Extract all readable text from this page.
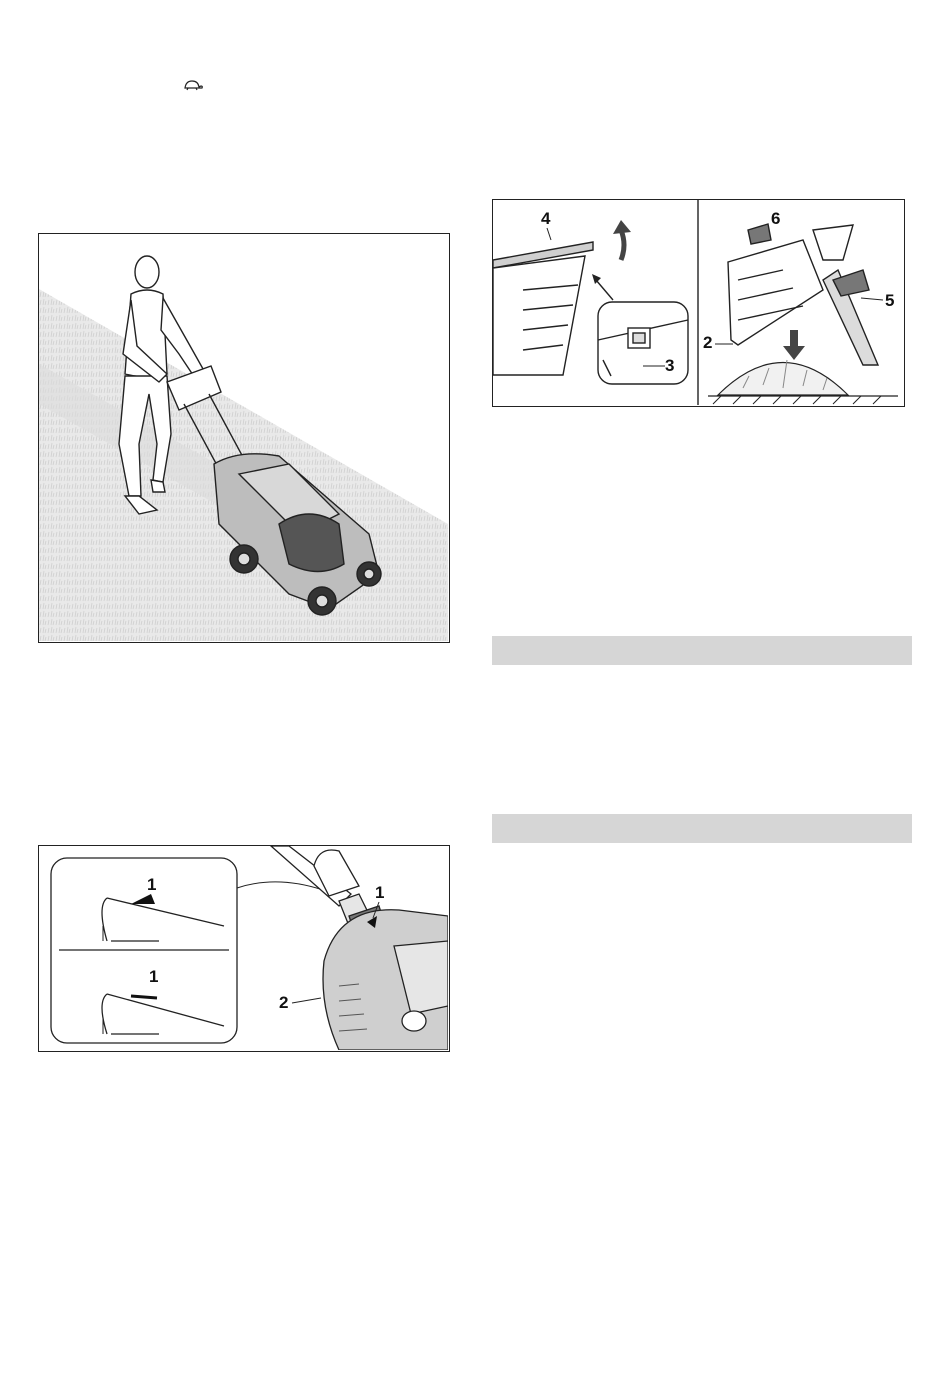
4
3
6
5
2
1
1
1
2
